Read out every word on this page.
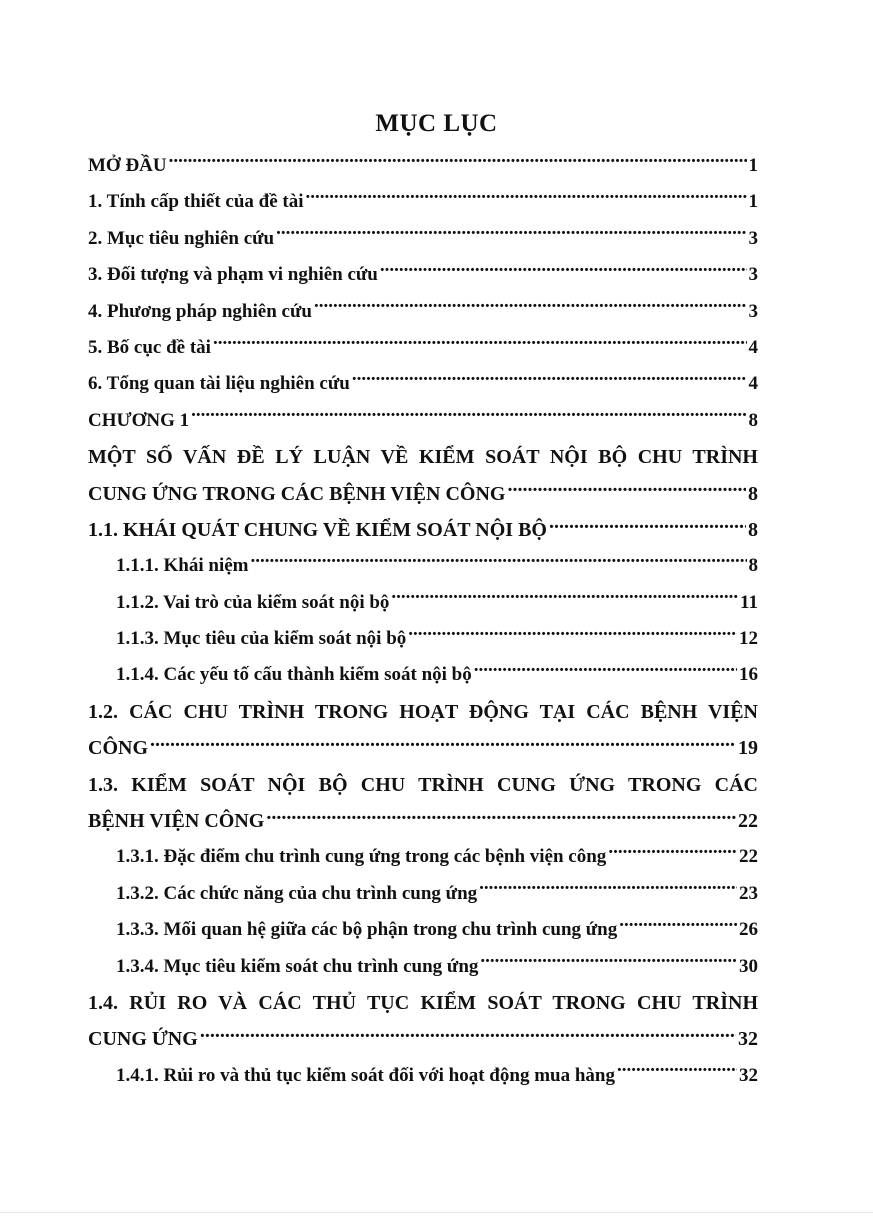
MỤC LỤC
MỞ ĐẦU .....	1
1. Tính cấp thiết của đề tài .....	1
2. Mục tiêu nghiên cứu .....	3
3. Đối tượng và phạm vi nghiên cứu .....	3
4. Phương pháp nghiên cứu .....	3
5. Bố cục đề tài .....	4
6. Tổng quan tài liệu nghiên cứu .....	4
CHƯƠNG 1 .....	8
MỘT SỐ VẤN ĐỀ LÝ LUẬN VỀ KIỂM SOÁT NỘI BỘ CHU TRÌNH
CUNG ỨNG TRONG CÁC BỆNH VIỆN CÔNG .....	8
1.1. KHÁI QUÁT CHUNG VỀ KIỂM SOÁT NỘI BỘ .....	8
1.1.1. Khái niệm .....	8
1.1.2. Vai trò của kiểm soát nội bộ .....	11
1.1.3. Mục tiêu của kiểm soát nội bộ .....	12
1.1.4. Các yếu tố cấu thành kiểm soát nội bộ .....	16
1.2. CÁC CHU TRÌNH TRONG HOẠT ĐỘNG TẠI CÁC BỆNH VIỆN
CÔNG .....	19
1.3. KIỂM SOÁT NỘI BỘ CHU TRÌNH CUNG ỨNG TRONG CÁC
BỆNH VIỆN CÔNG .....	22
1.3.1. Đặc điểm chu trình cung ứng trong các bệnh viện công .....	22
1.3.2. Các chức năng của chu trình cung ứng .....	23
1.3.3. Mối quan hệ giữa các bộ phận trong chu trình cung ứng .....	26
1.3.4. Mục tiêu kiểm soát chu trình cung ứng .....	30
1.4. RỦI RO VÀ CÁC THỦ TỤC KIỂM SOÁT TRONG CHU TRÌNH
CUNG ỨNG .....	32
1.4.1. Rủi ro và thủ tục kiểm soát đối với hoạt động mua hàng .....	32
